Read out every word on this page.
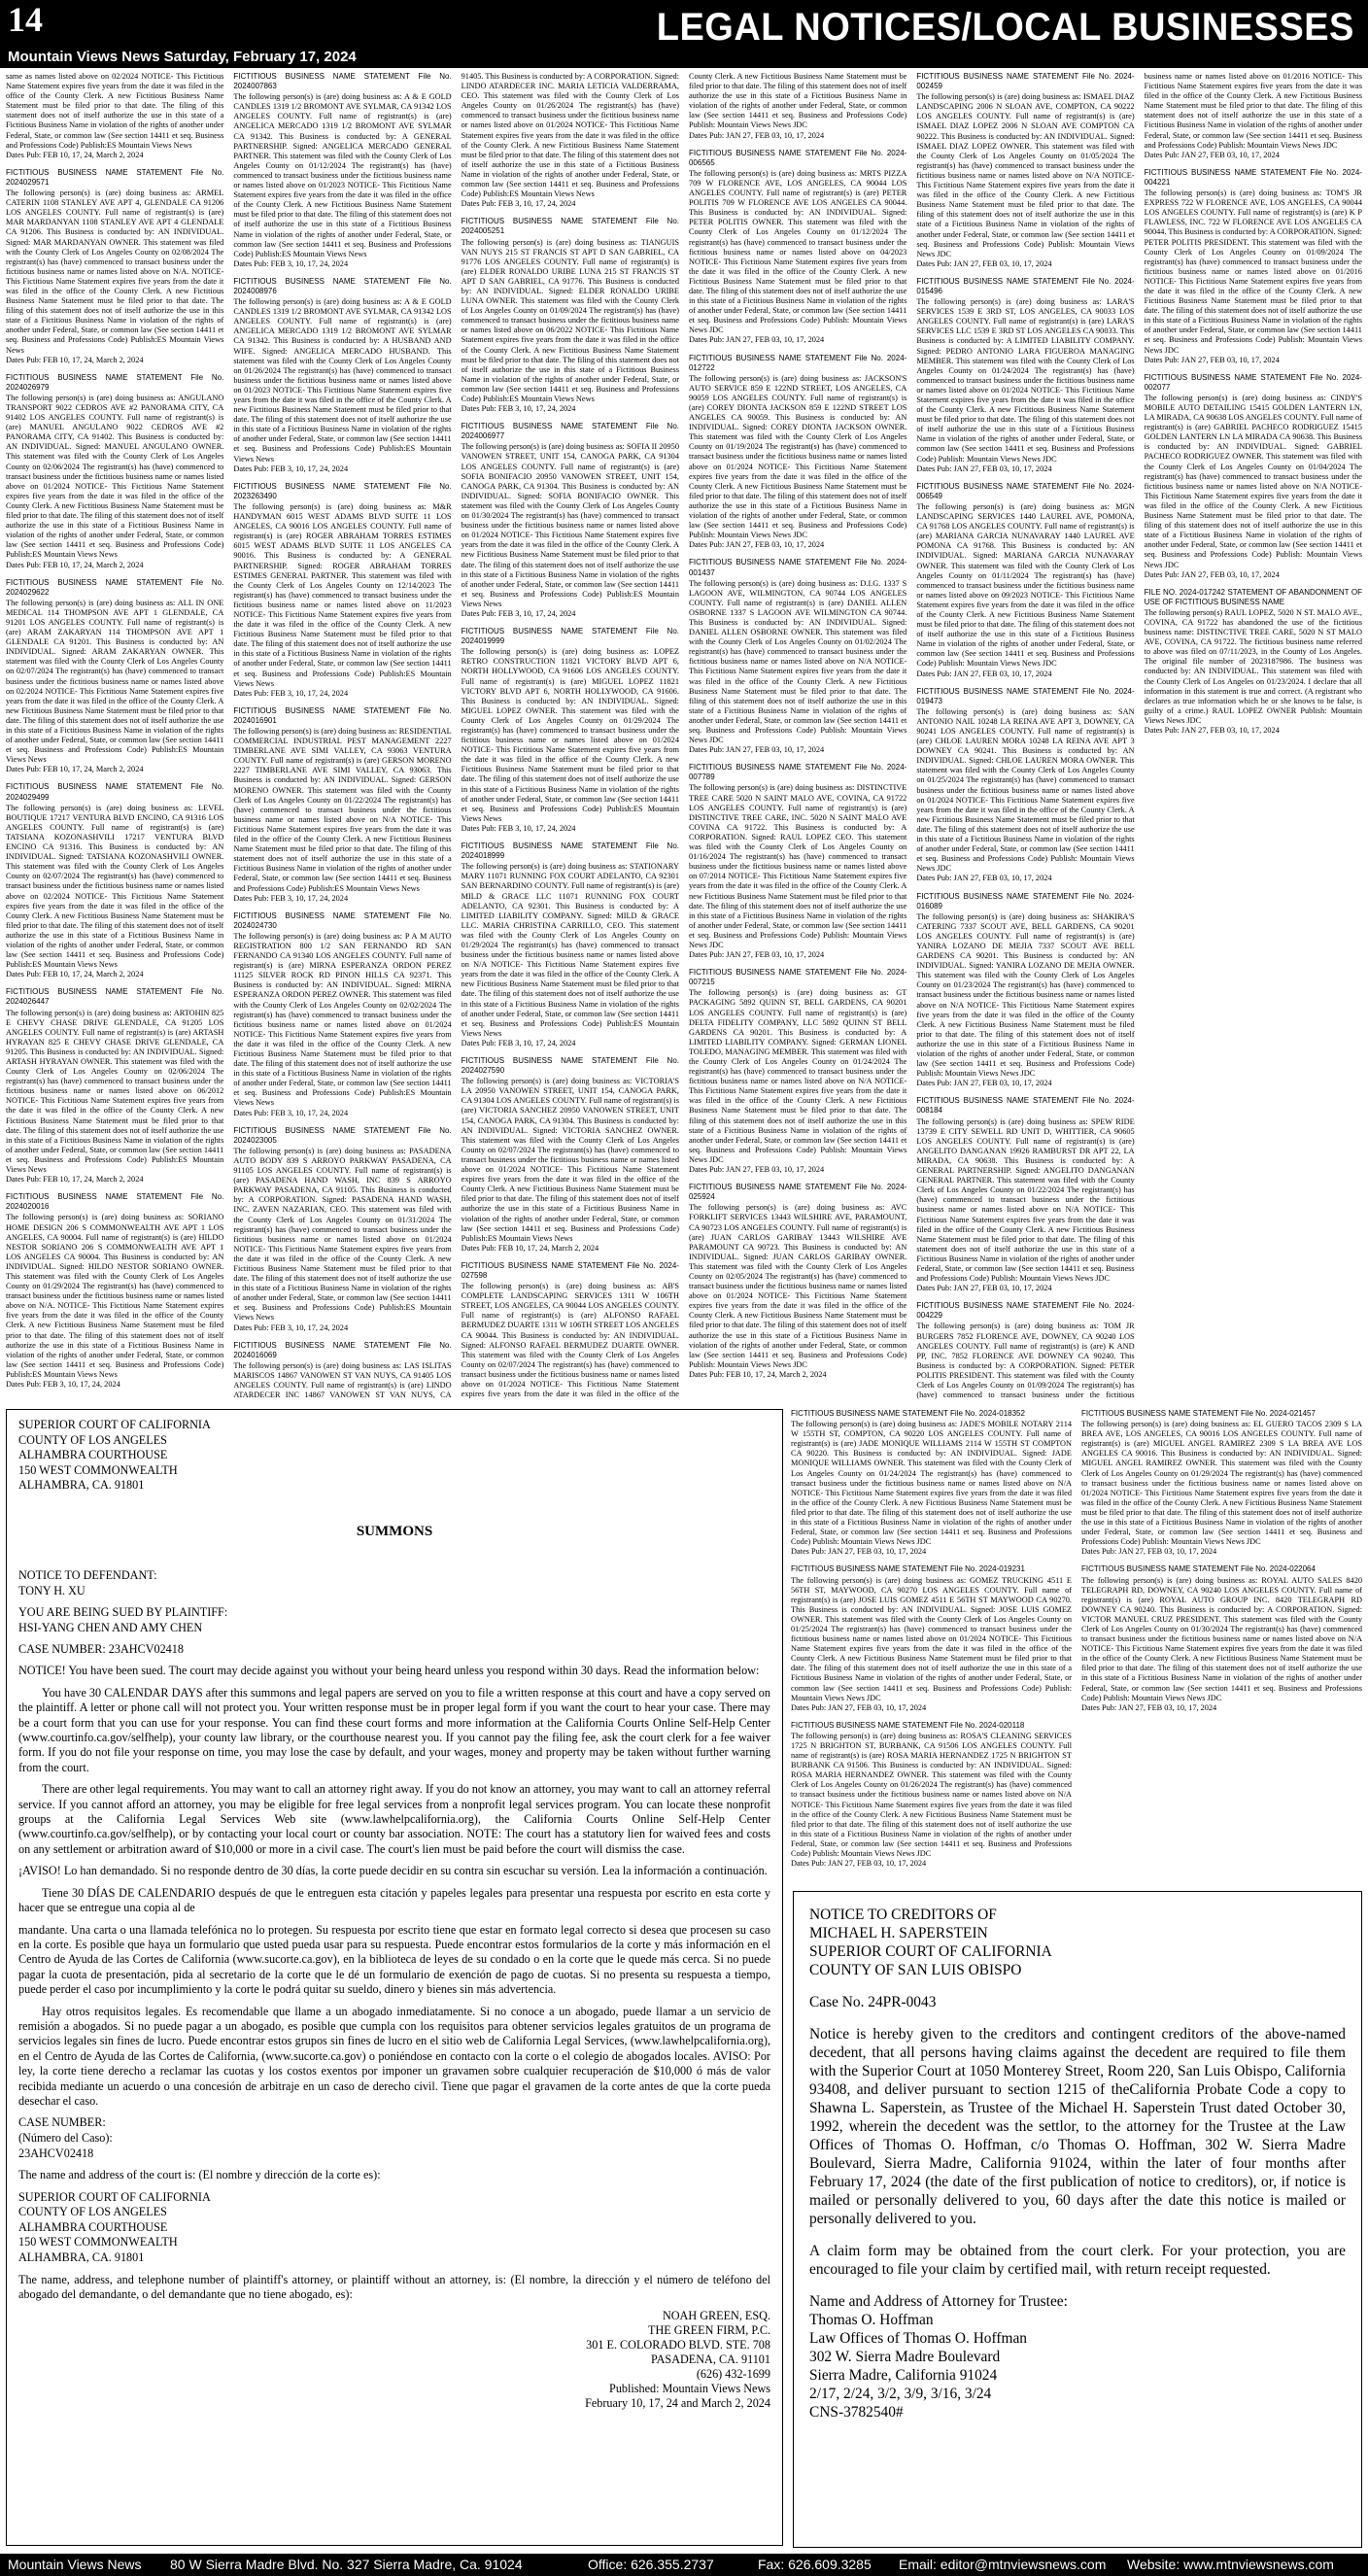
14	LEGAL NOTICES/LOCAL BUSINESSES
Mountain Views News Saturday, February 17, 2024
same as names listed above on 02/2024 NOTICE- This Fictitious Name Statement expires five years from the date it was filed in the office of the County Clerk. A new Fictitious Business Name Statement must be filed prior to that date. The filing of this statement does not of itself authorize the use in this state of a Fictitious Business Name in violation of the rights of another under Federal, State, or common law (See section 14411 et seq. Business and Professions Code) Publish:ES Mountain Views News
Dates Pub: FEB 10, 17, 24, March 2, 2024
FICTITIOUS BUSINESS NAME STATEMENT File No. 2024029571
The following person(s) is (are) doing business as: ARMEL CATERIN 1108 STANLEY AVE APT 4, GLENDALE CA 91206 LOS ANGELES COUNTY. Full name of registrant(s) is (are) MAR MARDANYAN 1108 STANLEY AVE APT 4 GLENDALE CA 91206. This Business is conducted by: AN INDIVIDUAL. Signed: MAR MARDANYAN OWNER. This statement was filed with the County Clerk of Los Angeles County on 02/08/2024 The registrant(s) has (have) commenced to transact business under the fictitious business name or names listed above on N/A. NOTICE- This Fictitious Name Statement expires five years from the date it was filed in the office of the County Clerk. A new Fictitious Business Name Statement must be filed prior to that date. The filing of this statement does not of itself authorize the use in this state of a Fictitious Business Name in violation of the rights of another under Federal, State, or common law (See section 14411 et seq. Business and Professions Code) Publish:ES Mountain Views News
Dates Pub: FEB 10, 17, 24, March 2, 2024
FICTITIOUS BUSINESS NAME STATEMENT File No. 2024026979
The following person(s) is (are) doing business as: ANGULANO TRANSPORT 9022 CEDROS AVE #2 PANORAMA CITY, CA 91402 LOS ANGELES COUNTY. Full name of registrant(s) is (are) MANUEL ANGULANO 9022 CEDROS AVE #2 PANORAMA CITY, CA 91402. This Business is conducted by: AN INDIVIDUAL. Signed: MANUEL ANGULANO OWNER. This statement was filed with the County Clerk of Los Angeles County on 02/06/2024 The registrant(s) has (have) commenced to transact business under the fictitious business name or names listed above on 01/2024 NOTICE- This Fictitious Name Statement expires five years from the date it was filed in the office of the County Clerk. A new Fictitious Business Name Statement must be filed prior to that date. The filing of this statement does not of itself authorize the use in this state of a Fictitious Business Name in violation of the rights of another under Federal, State, or common law (See section 14411 et seq. Business and Professions Code) Publish:ES Mountain Views News
Dates Pub: FEB 10, 17, 24, March 2, 2024
FICTITIOUS BUSINESS NAME STATEMENT File No. 2024029622
The following person(s) is (are) doing business as: ALL IN ONE MEDICAL 114 THOMPSON AVE APT 1 GLENDALE, CA 91201 LOS ANGELES COUNTY. Full name of registrant(s) is (are) ARAM ZAKARYAN 114 THOMPSON AVE APT 1 GLENDALE CA 91201. This Business is conducted by: AN INDIVIDUAL. Signed: ARAM ZAKARYAN OWNER. This statement was filed with the County Clerk of Los Angeles County on 02/07/2024 The registrant(s) has (have) commenced to transact business under the fictitious business name or names listed above on 02/2024 NOTICE- This Fictitious Name Statement expires five years from the date it was filed in the office of the County Clerk. A new Fictitious Business Name Statement must be filed prior to that date. The filing of this statement does not of itself authorize the use in this state of a Fictitious Business Name in violation of the rights of another under Federal, State, or common law (See section 14411 et seq. Business and Professions Code) Publish:ES Mountain Views News
Dates Pub: FEB 10, 17, 24, March 2, 2024
FICTITIOUS BUSINESS NAME STATEMENT File No. 2024029499
The following person(s) is (are) doing business as: LEVEL BOUTIQUE 17217 VENTURA BLVD ENCINO, CA 91316 LOS ANGELES COUNTY. Full name of registrant(s) is (are) TATSIANA KOZONASHVILI 17217 VENTURA BLVD ENCINO CA 91316. This Business is conducted by: AN INDIVIDUAL. Signed: TATSIANA KOZONASHVILI OWNER. This statement was filed with the County Clerk of Los Angeles County on 02/07/2024 The registrant(s) has (have) commenced to transact business under the fictitious business name or names listed above on 02/2024 NOTICE- This Fictitious Name Statement expires five years from the date it was filed in the office of the County Clerk. A new Fictitious Business Name Statement must be filed prior to that date. The filing of this statement does not of itself authorize the use in this state of a Fictitious Business Name in violation of the rights of another under Federal, State, or common law (See section 14411 et seq. Business and Professions Code) Publish:ES Mountain Views News
Dates Pub: FEB 10, 17, 24, March 2, 2024
FICTITIOUS BUSINESS NAME STATEMENT File No. 2024026447
The following person(s) is (are) doing business as: ARTOHIN 825 E CHEVY CHASE DRIVE GLENDALE, CA 91205 LOS ANGELES COUNTY. Full name of registrant(s) is (are) ARTASH HYRAYAN 825 E CHEVY CHASE DRIVE GLENDALE, CA 91205. This Business is conducted by: AN INDIVIDUAL. Signed: ARTASH HYRAYAN OWNER. This statement was filed with the County Clerk of Los Angeles County on 02/06/2024 The registrant(s) has (have) commenced to transact business under the fictitious business name or names listed above on 06/2012 NOTICE- This Fictitious Name Statement expires five years from the date it was filed in the office of the County Clerk. A new Fictitious Business Name Statement must be filed prior to that date. The filing of this statement does not of itself authorize the use in this state of a Fictitious Business Name in violation of the rights of another under Federal, State, or common law (See section 14411 et seq. Business and Professions Code) Publish:ES Mountain Views News
Dates Pub: FEB 10, 17, 24, March 2, 2024
FICTITIOUS BUSINESS NAME STATEMENT File No. 2024020016
The following person(s) is (are) doing business as: SORIANO HOME DESIGN 206 S COMMONWEALTH AVE APT 1 LOS ANGELES, CA 90004. Full name of registrant(s) is (are) HILDO NESTOR SORIANO 206 S COMMONWEALTH AVE APT 1 LOS ANGELES CA 90004. This Business is conducted by: AN INDIVIDUAL. Signed: HILDO NESTOR SORIANO OWNER. This statement was filed with the County Clerk of Los Angeles County on 01/29/2024 The registrant(s) has (have) commenced to transact business under the fictitious business name or names listed above on N/A. NOTICE- This Fictitious Name Statement expires five years from the date it was filed in the office of the County Clerk. A new Fictitious Business Name Statement must be filed prior to that date. The filing of this statement does not of itself authorize the use in this state of a Fictitious Business Name in violation of the rights of another under Federal, State, or common law (See section 14411 et seq. Business and Professions Code) Publish:ES Mountain Views News
Dates Pub: FEB 3, 10, 17, 24, 2024
FICTITIOUS BUSINESS NAME STATEMENT File No. 2024007863
The following person(s) is (are) doing business as: A & E GOLD CANDLES 1319 1/2 BROMONT AVE SYLMAR, CA 91342 LOS ANGELES COUNTY. Full name of registrant(s) is (are) ANGELICA MERCADO 1319 1/2 BROMONT AVE SYLMAR CA 91342. This Business is conducted by: A GENERAL PARTNERSHIP. Signed: ANGELICA MERCADO GENERAL PARTNER. This statement was filed with the County Clerk of Los Angeles County on 01/12/2024 The registrant(s) has (have) commenced to transact business under the fictitious business name or names listed above on 01/2023 NOTICE- This Fictitious Name Statement expires five years from the date it was filed in the office of the County Clerk. A new Fictitious Business Name Statement must be filed prior to that date. The filing of this statement does not of itself authorize the use in this state of a Fictitious Business Name in violation of the rights of another under Federal, State, or common law (See section 14411 et seq. Business and Professions Code) Publish:ES Mountain Views News
Dates Pub: FEB 3, 10, 17, 24, 2024
FICTITIOUS BUSINESS NAME STATEMENT File No. 2024008976
The following person(s) is (are) doing business as: A & E GOLD CANDLES 1319 1/2 BROMONT AVE SYLMAR, CA 91342 LOS ANGELES COUNTY. Full name of registrant(s) is (are) ANGELICA MERCADO 1319 1/2 BROMONT AVE SYLMAR CA 91342. This Business is conducted by: A HUSBAND AND WIFE. Signed: ANGELICA MERCADO HUSBAND. This statement was filed with the County Clerk of Los Angeles County on 01/26/2024 The registrant(s) has (have) commenced to transact business under the fictitious business name or names listed above on 01/2023 NOTICE- This Fictitious Name Statement expires five years from the date it was filed in the office of the County Clerk. A new Fictitious Business Name Statement must be filed prior to that date. The filing of this statement does not of itself authorize the use in this state of a Fictitious Business Name in violation of the rights of another under Federal, State, or common law (See section 14411 et seq. Business and Professions Code) Publish:ES Mountain Views News
Dates Pub: FEB 3, 10, 17, 24, 2024
FICTITIOUS BUSINESS NAME STATEMENT File No. 2023263490
The following person(s) is (are) doing business as: M&R HANDYMAN 6015 WEST ADAMS BLVD SUITE 11 LOS ANGELES, CA 90016 LOS ANGELES COUNTY. Full name of registrant(s) is (are) ROGER ABRAHAM TORRES ESTIMES 6015 WEST ADAMS BLVD SUITE 11 LOS ANGELES CA 90016. This Business is conducted by: A GENERAL PARTNERSHIP. Signed: ROGER ABRAHAM TORRES ESTIMES GENERAL PARTNER. This statement was filed with the County Clerk of Los Angeles County on 12/14/2023 The registrant(s) has (have) commenced to transact business under the fictitious business name or names listed above on 11/2023 NOTICE- This Fictitious Name Statement expires five years from the date it was filed in the office of the County Clerk. A new Fictitious Business Name Statement must be filed prior to that date. The filing of this statement does not of itself authorize the use in this state of a Fictitious Business Name in violation of the rights of another under Federal, State, or common law (See section 14411 et seq. Business and Professions Code) Publish:ES Mountain Views News
Dates Pub: FEB 3, 10, 17, 24, 2024
FICTITIOUS BUSINESS NAME STATEMENT File No. 2024016901
The following person(s) is (are) doing business as: RESIDENTIAL COMMERCIAL INDUSTRIAL PEST MANAGEMENT 2227 TIMBERLANE AVE SIMI VALLEY, CA 93063 VENTURA COUNTY. Full name of registrant(s) is (are) GERSON MORENO 2227 TIMBERLANE AVE SIMI VALLEY, CA 93063. This Business is conducted by: AN INDIVIDUAL. Signed: GERSON MORENO OWNER. This statement was filed with the County Clerk of Los Angeles County on 01/22/2024 The registrant(s) has (have) commenced to transact business under the fictitious business name or names listed above on N/A NOTICE- This Fictitious Name Statement expires five years from the date it was filed in the office of the County Clerk. A new Fictitious Business Name Statement must be filed prior to that date. The filing of this statement does not of itself authorize the use in this state of a Fictitious Business Name in violation of the rights of another under Federal, State, or common law (See section 14411 et seq. Business and Professions Code) Publish:ES Mountain Views News
Dates Pub: FEB 3, 10, 17, 24, 2024
FICTITIOUS BUSINESS NAME STATEMENT File No. 2024024730
The following person(s) is (are) doing business as: P A M AUTO REGISTRATION 800 1/2 SAN FERNANDO RD SAN FERNANDO CA 91340 LOS ANGELES COUNTY. Full name of registrant(s) is (are) MIRNA ESPERANZA ORDON PEREZ 11125 SILVER ROCK RD PINON HILLS CA 92371. This Business is conducted by: AN INDIVIDUAL. Signed: MIRNA ESPERANZA ORDON PEREZ OWNER. This statement was filed with the County Clerk of Los Angeles County on 02/02/2024 The registrant(s) has (have) commenced to transact business under the fictitious business name or names listed above on 01/2024 NOTICE- This Fictitious Name Statement expires five years from the date it was filed in the office of the County Clerk. A new Fictitious Business Name Statement must be filed prior to that date. The filing of this statement does not of itself authorize the use in this state of a Fictitious Business Name in violation of the rights of another under Federal, State, or common law (See section 14411 et seq. Business and Professions Code) Publish:ES Mountain Views News
Dates Pub: FEB 3, 10, 17, 24, 2024
FICTITIOUS BUSINESS NAME STATEMENT File No. 2024023005
The following person(s) is (are) doing business as: PASADENA AUTO BODY 839 S ARROYO PARKWAY PASADENA, CA 91105 LOS ANGELES COUNTY. Full name of registrant(s) is (are) PASADENA HAND WASH, INC 839 S ARROYO PARKWAY PASADENA, CA 91105. This Business is conducted by: A CORPORATION. Signed: PASADENA HAND WASH, INC. ZAVEN NAZARIAN, CEO. This statement was filed with the County Clerk of Los Angeles County on 01/31/2024 The registrant(s) has (have) commenced to transact business under the fictitious business name or names listed above on 01/2024 NOTICE- This Fictitious Name Statement expires five years from the date it was filed in the office of the County Clerk. A new Fictitious Business Name Statement must be filed prior to that date. The filing of this statement does not of itself authorize the use in this state of a Fictitious Business Name in violation of the rights of another under Federal, State, or common law (See section 14411 et seq. Business and Professions Code) Publish:ES Mountain Views News
Dates Pub: FEB 3, 10, 17, 24, 2024
FICTITIOUS BUSINESS NAME STATEMENT File No. 2024016069
The following person(s) is (are) doing business as: LAS ISLITAS MARISCOS 14867 VANOWEN ST VAN NUYS, CA 91405 LOS ANGELES COUNTY. Full name of registrant(s) is (are) LINDO ATARDECER INC 14867 VANOWEN ST VAN NUYS, CA 91405. This Business is conducted by: A CORPORATION. Signed: LINDO ATARDECER INC. MARIA LETICIA VALDERRAMA, CEO. This statement was filed with the County Clerk of Los Angeles County on 01/26/2024 The registrant(s) has (have) commenced to transact business under the fictitious business name or names listed above on 01/2024 NOTICE- This Fictitious Name Statement expires five years from the date it was filed in the office of the County Clerk. A new Fictitious Business Name Statement must be filed prior to that date. The filing of this statement does not of itself authorize the use in this state of a Fictitious Business Name in violation of the rights of another under Federal, State, or common law (See section 14411 et seq. Business and Professions Code) Publish:ES Mountain Views News
Dates Pub: FEB 3, 10, 17, 24, 2024
FICTITIOUS BUSINESS NAME STATEMENT File No. 2024005251
The following person(s) is (are) doing business as: TIANGUIS VAN NUYS 215 ST FRANCIS ST APT D SAN GABRIEL, CA 91776 LOS ANGELES COUNTY. Full name of registrant(s) is (are) ELDER RONALDO URIBE LUNA 215 ST FRANCIS ST APT D SAN GABRIEL, CA 91776. This Business is conducted by: AN INDIVIDUAL. Signed: ELDER RONALDO URIBE LUNA OWNER. This statement was filed with the County Clerk of Los Angeles County on 01/09/2024 The registrant(s) has (have) commenced to transact business under the fictitious business name or names listed above on 06/2022 NOTICE- This Fictitious Name Statement expires five years from the date it was filed in the office of the County Clerk. A new Fictitious Business Name Statement must be filed prior to that date. The filing of this statement does not of itself authorize the use in this state of a Fictitious Business Name in violation of the rights of another under Federal, State, or common law (See section 14411 et seq. Business and Professions Code) Publish:ES Mountain Views News
Dates Pub: FEB 3, 10, 17, 24, 2024
FICTITIOUS BUSINESS NAME STATEMENT File No. 2024006977
The following person(s) is (are) doing business as: SOFIA II 20950 VANOWEN STREET, UNIT 154, CANOGA PARK, CA 91304 LOS ANGELES COUNTY. Full name of registrant(s) is (are) SOFIA BONIFACIO 20950 VANOWEN STREET, UNIT 154, CANOGA PARK, CA 91304. This Business is conducted by: AN INDIVIDUAL. Signed: SOFIA BONIFACIO OWNER. This statement was filed with the County Clerk of Los Angeles County on 01/30/2024 The registrant(s) has (have) commenced to transact business under the fictitious business name or names listed above on 01/2024 NOTICE- This Fictitious Name Statement expires five years from the date it was filed in the office of the County Clerk. A new Fictitious Business Name Statement must be filed prior to that date. The filing of this statement does not of itself authorize the use in this state of a Fictitious Business Name in violation of the rights of another under Federal, State, or common law (See section 14411 et seq. Business and Professions Code) Publish:ES Mountain Views News
Dates Pub: FEB 3, 10, 17, 24, 2024
FICTITIOUS BUSINESS NAME STATEMENT File No. 2024019999
The following person(s) is (are) doing business as: LOPEZ RETRO CONSTRUCTION 11821 VICTORY BLVD APT 6, NORTH HOLLYWOOD, CA 91606 LOS ANGELES COUNTY. Full name of registrant(s) is (are) MIGUEL LOPEZ 11821 VICTORY BLVD APT 6, NORTH HOLLYWOOD, CA 91606. This Business is conducted by: AN INDIVIDUAL. Signed: MIGUEL LOPEZ OWNER. This statement was filed with the County Clerk of Los Angeles County on 01/29/2024 The registrant(s) has (have) commenced to transact business under the fictitious business name or names listed above on 01/2024 NOTICE- This Fictitious Name Statement expires five years from the date it was filed in the office of the County Clerk. A new Fictitious Business Name Statement must be filed prior to that date. The filing of this statement does not of itself authorize the use in this state of a Fictitious Business Name in violation of the rights of another under Federal, State, or common law (See section 14411 et seq. Business and Professions Code) Publish:ES Mountain Views News
Dates Pub: FEB 3, 10, 17, 24, 2024
FICTITIOUS BUSINESS NAME STATEMENT File No. 2024018999
The following person(s) is (are) doing business as: STATIONARY MARY 11071 RUNNING FOX COURT ADELANTO, CA 92301 SAN BERNARDINO COUNTY. Full name of registrant(s) is (are) MILD & GRACE LLC 11071 RUNNING FOX COURT ADELANTO, CA 92301. This Business is conducted by: A LIMITED LIABILITY COMPANY. Signed: MILD & GRACE LLC. MARIA CHRISTINA CARRILLO, CEO. This statement was filed with the County Clerk of Los Angeles County on 01/29/2024 The registrant(s) has (have) commenced to transact business under the fictitious business name or names listed above on N/A NOTICE- This Fictitious Name Statement expires five years from the date it was filed in the office of the County Clerk. A new Fictitious Business Name Statement must be filed prior to that date. The filing of this statement does not of itself authorize the use in this state of a Fictitious Business Name in violation of the rights of another under Federal, State, or common law (See section 14411 et seq. Business and Professions Code) Publish:ES Mountain Views News
Dates Pub: FEB 3, 10, 17, 24, 2024
FICTITIOUS BUSINESS NAME STATEMENT File No. 2024027590
The following person(s) is (are) doing business as: VICTORIA'S LA 20950 VANOWEN STREET, UNIT 154, CANOGA PARK, CA 91304 LOS ANGELES COUNTY. Full name of registrant(s) is (are) VICTORIA SANCHEZ 20950 VANOWEN STREET, UNIT 154, CANOGA PARK, CA 91304. This Business is conducted by: AN INDIVIDUAL. Signed: VICTORIA SANCHEZ OWNER. This statement was filed with the County Clerk of Los Angeles County on 02/07/2024 The registrant(s) has (have) commenced to transact business under the fictitious business name or names listed above on 01/2024 NOTICE- This Fictitious Name Statement expires five years from the date it was filed in the office of the County Clerk. A new Fictitious Business Name Statement must be filed prior to that date. The filing of this statement does not of itself authorize the use in this state of a Fictitious Business Name in violation of the rights of another under Federal, State, or common law (See section 14411 et seq. Business and Professions Code) Publish:ES Mountain Views News
Dates Pub: FEB 10, 17, 24, March 2, 2024
FICTITIOUS BUSINESS NAME STATEMENT File No. 2024-027598
The following person(s) is (are) doing business as: AB'S COMPLETE LANDSCAPING SERVICES 1311 W 106TH STREET, LOS ANGELES, CA 90044 LOS ANGELES COUNTY. Full name of registrant(s) is (are) ALFONSO RAFAEL BERMUDEZ DUARTE 1311 W 106TH STREET LOS ANGELES CA 90044. This Business is conducted by: AN INDIVIDUAL. Signed: ALFONSO RAFAEL BERMUDEZ DUARTE OWNER. This statement was filed with the County Clerk of Los Angeles County on 02/07/2024 The registrant(s) has (have) commenced to transact business under the fictitious business name or names listed above on 01/2024 NOTICE- This Fictitious Name Statement expires five years from the date it was filed in the office of the County Clerk. A new Fictitious Business Name Statement must be filed prior to that date. The filing of this statement does not of itself authorize the use in this state of a Fictitious Business Name in violation of the rights of another under Federal, State, or common law (See section 14411 et seq. Business and Professions Code) Publish: Mountain Views News JDC
Dates Pub: JAN 27, FEB 03, 10, 17, 2024
FICTITIOUS BUSINESS NAME STATEMENT File No. 2024-006565
The following person(s) is (are) doing business as: MRTS PIZZA 709 W FLORENCE AVE, LOS ANGELES, CA 90044 LOS ANGELES COUNTY. Full name of registrant(s) is (are) PETER POLITIS 709 W FLORENCE AVE LOS ANGELES CA 90044. This Business is conducted by: AN INDIVIDUAL. Signed: PETER POLITIS OWNER. This statement was filed with the County Clerk of Los Angeles County on 01/12/2024 The registrant(s) has (have) commenced to transact business under the fictitious business name or names listed above on 04/2023 NOTICE- This Fictitious Name Statement expires five years from the date it was filed in the office of the County Clerk. A new Fictitious Business Name Statement must be filed prior to that date. The filing of this statement does not of itself authorize the use in this state of a Fictitious Business Name in violation of the rights of another under Federal, State, or common law (See section 14411 et seq. Business and Professions Code) Publish: Mountain Views News JDC
Dates Pub: JAN 27, FEB 03, 10, 17, 2024
FICTITIOUS BUSINESS NAME STATEMENT File No. 2024-012722
The following person(s) is (are) doing business as: JACKSON'S AUTO SERVICE 859 E 122ND STREET, LOS ANGELES, CA 90059 LOS ANGELES COUNTY. Full name of registrant(s) is (are) COREY DIONTA JACKSON 859 E 122ND STREET LOS ANGELES CA 90059. This Business is conducted by: AN INDIVIDUAL. Signed: COREY DIONTA JACKSON OWNER. This statement was filed with the County Clerk of Los Angeles County on 01/19/2024 The registrant(s) has (have) commenced to transact business under the fictitious business name or names listed above on 01/2024 NOTICE- This Fictitious Name Statement expires five years from the date it was filed in the office of the County Clerk. A new Fictitious Business Name Statement must be filed prior to that date. The filing of this statement does not of itself authorize the use in this state of a Fictitious Business Name in violation of the rights of another under Federal, State, or common law (See section 14411 et seq. Business and Professions Code) Publish: Mountain Views News JDC
Dates Pub: JAN 27, FEB 03, 10, 17, 2024
FICTITIOUS BUSINESS NAME STATEMENT File No. 2024-001437
The following person(s) is (are) doing business as: D.I.G. 1337 S LAGOON AVE, WILMINGTON, CA 90744 LOS ANGELES COUNTY. Full name of registrant(s) is (are) DANIEL ALLEN OSBORNE 1337 S LAGOON AVE WILMINGTON CA 90744. This Business is conducted by: AN INDIVIDUAL. Signed: DANIEL ALLEN OSBORNE OWNER. This statement was filed with the County Clerk of Los Angeles County on 01/02/2024 The registrant(s) has (have) commenced to transact business under the fictitious business name or names listed above on N/A NOTICE- This Fictitious Name Statement expires five years from the date it was filed in the office of the County Clerk. A new Fictitious Business Name Statement must be filed prior to that date. The filing of this statement does not of itself authorize the use in this state of a Fictitious Business Name in violation of the rights of another under Federal, State, or common law (See section 14411 et seq. Business and Professions Code) Publish: Mountain Views News JDC
Dates Pub: JAN 27, FEB 03, 10, 17, 2024
FICTITIOUS BUSINESS NAME STATEMENT File No. 2024-007789
The following person(s) is (are) doing business as: DISTINCTIVE TREE CARE 5020 N SAINT MALO AVE, COVINA, CA 91722 LOS ANGELES COUNTY. Full name of registrant(s) is (are) DISTINCTIVE TREE CARE, INC. 5020 N SAINT MALO AVE COVINA CA 91722. This Business is conducted by: A CORPORATION. Signed: RAUL LOPEZ CEO. This statement was filed with the County Clerk of Los Angeles County on 01/16/2024 The registrant(s) has (have) commenced to transact business under the fictitious business name or names listed above on 07/2014 NOTICE- This Fictitious Name Statement expires five years from the date it was filed in the office of the County Clerk. A new Fictitious Business Name Statement must be filed prior to that date. The filing of this statement does not of itself authorize the use in this state of a Fictitious Business Name in violation of the rights of another under Federal, State, or common law (See section 14411 et seq. Business and Professions Code) Publish: Mountain Views News JDC
Dates Pub: JAN 27, FEB 03, 10, 17, 2024
FICTITIOUS BUSINESS NAME STATEMENT File No. 2024-007215
The following person(s) is (are) doing business as: GT PACKAGING 5892 QUINN ST, BELL GARDENS, CA 90201 LOS ANGELES COUNTY. Full name of registrant(s) is (are) DELTA FIDELITY COMPANY, LLC 5892 QUINN ST BELL GARDENS CA 90201. This Business is conducted by: A LIMITED LIABILITY COMPANY. Signed: GERMAN LIONEL TOLEDO, MANAGING MEMBER. This statement was filed with the County Clerk of Los Angeles County on 01/24/2024 The registrant(s) has (have) commenced to transact business under the fictitious business name or names listed above on N/A NOTICE- This Fictitious Name Statement expires five years from the date it was filed in the office of the County Clerk. A new Fictitious Business Name Statement must be filed prior to that date. The filing of this statement does not of itself authorize the use in this state of a Fictitious Business Name in violation of the rights of another under Federal, State, or common law (See section 14411 et seq. Business and Professions Code) Publish: Mountain Views News JDC
Dates Pub: JAN 27, FEB 03, 10, 17, 2024
FICTITIOUS BUSINESS NAME STATEMENT File No. 2024-025924
The following person(s) is (are) doing business as: AVC FORKLIFT SERVICES 13443 WILSHIRE AVE, PARAMOUNT, CA 90723 LOS ANGELES COUNTY. Full name of registrant(s) is (are) JUAN CARLOS GARIBAY 13443 WILSHIRE AVE PARAMOUNT CA 90723. This Business is conducted by: AN INDIVIDUAL. Signed: JUAN CARLOS GARIBAY OWNER. This statement was filed with the County Clerk of Los Angeles County on 02/05/2024 The registrant(s) has (have) commenced to transact business under the fictitious business name or names listed above on 01/2024 NOTICE- This Fictitious Name Statement expires five years from the date it was filed in the office of the County Clerk. A new Fictitious Business Name Statement must be filed prior to that date. The filing of this statement does not of itself authorize the use in this state of a Fictitious Business Name in violation of the rights of another under Federal, State, or common law (See section 14411 et seq. Business and Professions Code) Publish: Mountain Views News JDC
Dates Pub: FEB 10, 17, 24, March 2, 2024
FICTITIOUS BUSINESS NAME STATEMENT File No. 2024-002459
The following person(s) is (are) doing business as: ISMAEL DIAZ LANDSCAPING 2006 N SLOAN AVE, COMPTON, CA 90222 LOS ANGELES COUNTY. Full name of registrant(s) is (are) ISMAEL DIAZ LOPEZ 2006 N SLOAN AVE COMPTON CA 90222. This Business is conducted by: AN INDIVIDUAL. Signed: ISMAEL DIAZ LOPEZ OWNER. This statement was filed with the County Clerk of Los Angeles County on 01/05/2024 The registrant(s) has (have) commenced to transact business under the fictitious business name or names listed above on N/A NOTICE- This Fictitious Name Statement expires five years from the date it was filed in the office of the County Clerk. A new Fictitious Business Name Statement must be filed prior to that date. The filing of this statement does not of itself authorize the use in this state of a Fictitious Business Name in violation of the rights of another under Federal, State, or common law (See section 14411 et seq. Business and Professions Code) Publish: Mountain Views News JDC
Dates Pub: JAN 27, FEB 03, 10, 17, 2024
FICTITIOUS BUSINESS NAME STATEMENT File No. 2024-015496
The following person(s) is (are) doing business as: LARA'S SERVICES 1539 E 3RD ST, LOS ANGELES, CA 90033 LOS ANGELES COUNTY. Full name of registrant(s) is (are) LARA'S SERVICES LLC 1539 E 3RD ST LOS ANGELES CA 90033. This Business is conducted by: A LIMITED LIABILITY COMPANY. Signed: PEDRO ANTONIO LARA FIGUEROA MANAGING MEMBER. This statement was filed with the County Clerk of Los Angeles County on 01/24/2024 The registrant(s) has (have) commenced to transact business under the fictitious business name or names listed above on 01/2024 NOTICE- This Fictitious Name Statement expires five years from the date it was filed in the office of the County Clerk. A new Fictitious Business Name Statement must be filed prior to that date. The filing of this statement does not of itself authorize the use in this state of a Fictitious Business Name in violation of the rights of another under Federal, State, or common law (See section 14411 et seq. Business and Professions Code) Publish: Mountain Views News JDC
Dates Pub: JAN 27, FEB 03, 10, 17, 2024
FICTITIOUS BUSINESS NAME STATEMENT File No. 2024-006549
The following person(s) is (are) doing business as: MGN LANDSCAPING SERVICES 1440 LAUREL AVE, POMONA, CA 91768 LOS ANGELES COUNTY. Full name of registrant(s) is (are) MARIANA GARCIA NUNAVARAY 1440 LAUREL AVE POMONA CA 91768. This Business is conducted by: AN INDIVIDUAL. Signed: MARIANA GARCIA NUNAVARAY OWNER. This statement was filed with the County Clerk of Los Angeles County on 01/11/2024 The registrant(s) has (have) commenced to transact business under the fictitious business name or names listed above on 09/2023 NOTICE- This Fictitious Name Statement expires five years from the date it was filed in the office of the County Clerk. A new Fictitious Business Name Statement must be filed prior to that date. The filing of this statement does not of itself authorize the use in this state of a Fictitious Business Name in violation of the rights of another under Federal, State, or common law (See section 14411 et seq. Business and Professions Code) Publish: Mountain Views News JDC
Dates Pub: JAN 27, FEB 03, 10, 17, 2024
FICTITIOUS BUSINESS NAME STATEMENT File No. 2024-019473
The following person(s) is (are) doing business as: SAN ANTONIO NAIL 10248 LA REINA AVE APT 3, DOWNEY, CA 90241 LOS ANGELES COUNTY. Full name of registrant(s) is (are) CHLOE LAUREN MORA 10248 LA REINA AVE APT 3 DOWNEY CA 90241. This Business is conducted by: AN INDIVIDUAL. Signed: CHLOE LAUREN MORA OWNER. This statement was filed with the County Clerk of Los Angeles County on 01/25/2024 The registrant(s) has (have) commenced to transact business under the fictitious business name or names listed above on 01/2024 NOTICE- This Fictitious Name Statement expires five years from the date it was filed in the office of the County Clerk. A new Fictitious Business Name Statement must be filed prior to that date. The filing of this statement does not of itself authorize the use in this state of a Fictitious Business Name in violation of the rights of another under Federal, State, or common law (See section 14411 et seq. Business and Professions Code) Publish: Mountain Views News JDC
Dates Pub: JAN 27, FEB 03, 10, 17, 2024
FICTITIOUS BUSINESS NAME STATEMENT File No. 2024-016089
The following person(s) is (are) doing business as: SHAKIRA'S CATERING 7337 SCOUT AVE, BELL GARDENS, CA 90201 LOS ANGELES COUNTY. Full name of registrant(s) is (are) YANIRA LOZANO DE MEJIA 7337 SCOUT AVE BELL GARDENS CA 90201. This Business is conducted by: AN INDIVIDUAL. Signed: YANIRA LOZANO DE MEJIA OWNER. This statement was filed with the County Clerk of Los Angeles County on 01/23/2024 The registrant(s) has (have) commenced to transact business under the fictitious business name or names listed above on N/A NOTICE- This Fictitious Name Statement expires five years from the date it was filed in the office of the County Clerk. A new Fictitious Business Name Statement must be filed prior to that date. The filing of this statement does not of itself authorize the use in this state of a Fictitious Business Name in violation of the rights of another under Federal, State, or common law (See section 14411 et seq. Business and Professions Code) Publish: Mountain Views News JDC
Dates Pub: JAN 27, FEB 03, 10, 17, 2024
FICTITIOUS BUSINESS NAME STATEMENT File No. 2024-008184
The following person(s) is (are) doing business as: SPEW RIDE 13739 E CITY SEWELL RD UNIT D, WHITTIER, CA 90605 LOS ANGELES COUNTY. Full name of registrant(s) is (are) ANGELITO DANGANAN 19926 RAMBURST DR APT 22, LA MIRADA, CA 90638. This Business is conducted by: A GENERAL PARTNERSHIP. Signed: ANGELITO DANGANAN GENERAL PARTNER. This statement was filed with the County Clerk of Los Angeles County on 01/22/2024 The registrant(s) has (have) commenced to transact business under the fictitious business name or names listed above on N/A NOTICE- This Fictitious Name Statement expires five years from the date it was filed in the office of the County Clerk. A new Fictitious Business Name Statement must be filed prior to that date. The filing of this statement does not of itself authorize the use in this state of a Fictitious Business Name in violation of the rights of another under Federal, State, or common law (See section 14411 et seq. Business and Professions Code) Publish: Mountain Views News JDC
Dates Pub: JAN 27, FEB 03, 10, 17, 2024
FICTITIOUS BUSINESS NAME STATEMENT File No. 2024-004229
The following person(s) is (are) doing business as: TOM JR BURGERS 7852 FLORENCE AVE, DOWNEY, CA 90240 LOS ANGELES COUNTY. Full name of registrant(s) is (are) K AND PP, INC. 7852 FLORENCE AVE DOWNEY CA 90240. This Business is conducted by: A CORPORATION. Signed: PETER POLITIS PRESIDENT. This statement was filed with the County Clerk of Los Angeles County on 01/09/2024 The registrant(s) has (have) commenced to transact business under the fictitious business name or names listed above on 01/2016 NOTICE- This Fictitious Name Statement expires five years from the date it was filed in the office of the County Clerk. A new Fictitious Business Name Statement must be filed prior to that date. The filing of this statement does not of itself authorize the use in this state of a Fictitious Business Name in violation of the rights of another under Federal, State, or common law (See section 14411 et seq. Business and Professions Code) Publish: Mountain Views News JDC
Dates Pub: JAN 27, FEB 03, 10, 17, 2024
FICTITIOUS BUSINESS NAME STATEMENT File No. 2024-004221
The following person(s) is (are) doing business as: TOM'S JR EXPRESS 722 W FLORENCE AVE, LOS ANGELES, CA 90044 LOS ANGELES COUNTY. Full name of registrant(s) is (are) K P FLAWLESS, INC. 722 W FLORENCE AVE LOS ANGELES CA 90044. This Business is conducted by: A CORPORATION. Signed: PETER POLITIS PRESIDENT. This statement was filed with the County Clerk of Los Angeles County on 01/09/2024 The registrant(s) has (have) commenced to transact business under the fictitious business name or names listed above on 01/2016 NOTICE- This Fictitious Name Statement expires five years from the date it was filed in the office of the County Clerk. A new Fictitious Business Name Statement must be filed prior to that date. The filing of this statement does not of itself authorize the use in this state of a Fictitious Business Name in violation of the rights of another under Federal, State, or common law (See section 14411 et seq. Business and Professions Code) Publish: Mountain Views News JDC
Dates Pub: JAN 27, FEB 03, 10, 17, 2024
FICTITIOUS BUSINESS NAME STATEMENT File No. 2024-002077
The following person(s) is (are) doing business as: CINDY'S MOBILE AUTO DETAILING 15415 GOLDEN LANTERN LN, LA MIRADA, CA 90638 LOS ANGELES COUNTY. Full name of registrant(s) is (are) GABRIEL PACHECO RODRIGUEZ 15415 GOLDEN LANTERN LN LA MIRADA CA 90638. This Business is conducted by: AN INDIVIDUAL. Signed: GABRIEL PACHECO RODRIGUEZ OWNER. This statement was filed with the County Clerk of Los Angeles County on 01/04/2024 The registrant(s) has (have) commenced to transact business under the fictitious business name or names listed above on N/A NOTICE- This Fictitious Name Statement expires five years from the date it was filed in the office of the County Clerk. A new Fictitious Business Name Statement must be filed prior to that date. The filing of this statement does not of itself authorize the use in this state of a Fictitious Business Name in violation of the rights of another under Federal, State, or common law (See section 14411 et seq. Business and Professions Code) Publish: Mountain Views News JDC
Dates Pub: JAN 27, FEB 03, 10, 17, 2024
FILE NO. 2024-017242 STATEMENT OF ABANDONMENT OF USE OF FICTITIOUS BUSINESS NAME
The following person(s) RAUL LOPEZ, 5020 N ST. MALO AVE., COVINA, CA 91722 has abandoned the use of the fictitious business name: DISTINCTIVE TREE CARE, 5020 N ST MALO AVE, COVINA, CA 91722. The fictitious business name referred to above was filed on 07/11/2023, in the County of Los Angeles. The original file number of 2023187986. The business was conducted by: AN INDIVIDUAL. This statement was filed with the County Clerk of Los Angeles on 01/23/2024. I declare that all information in this statement is true and correct. (A registrant who declares as true information which he or she knows to be false, is guilty of a crime.) RAUL LOPEZ OWNER Publish: Mountain Views News JDC
Dates Pub: JAN 27, FEB 03, 10, 17, 2024
SUPERIOR COURT OF CALIFORNIA
COUNTY OF LOS ANGELES
ALHAMBRA COURTHOUSE
150 WEST COMMONWEALTH
ALHAMBRA, CA. 91801
SUMMONS
NOTICE TO DEFENDANT:
TONY H. XU
YOU ARE BEING SUED BY PLAINTIFF:
HSI-YANG CHEN AND AMY CHEN
CASE NUMBER: 23AHCV02418
NOTICE! You have been sued. The court may decide against you without your being heard unless you respond within 30 days. Read the information below:
You have 30 CALENDAR DAYS after this summons and legal papers are served on you to file a written response at this court and have a copy served on the plaintiff. A letter or phone call will not protect you. Your written response must be in proper legal form if you want the court to hear your case. There may be a court form that you can use for your response. You can find these court forms and more information at the California Courts Online Self-Help Center (www.courtinfo.ca.gov/selfhelp), your county law library, or the courthouse nearest you. If you cannot pay the filing fee, ask the court clerk for a fee waiver form. If you do not file your response on time, you may lose the case by default, and your wages, money and property may be taken without further warning from the court.
There are other legal requirements. You may want to call an attorney right away. If you do not know an attorney, you may want to call an attorney referral service. If you cannot afford an attorney, you may be eligible for free legal services from a nonprofit legal services program. You can locate these nonprofit groups at the California Legal Services Web site (www.lawhelpcalifornia.org), the California Courts Online Self-Help Center (www.courtinfo.ca.gov/selfhelp), or by contacting your local court or county bar association. NOTE: The court has a statutory lien for waived fees and costs on any settlement or arbitration award of $10,000 or more in a civil case. The court's lien must be paid before the court will dismiss the case.
¡AVISO! Lo han demandado. Si no responde dentro de 30 días, la corte puede decidir en su contra sin escuchar su versión. Lea la información a continuación.
Tiene 30 DÍAS DE CALENDARIO después de que le entreguen esta citación y papeles legales para presentar una respuesta por escrito en esta corte y hacer que se entregue una copia al de
mandante. Una carta o una llamada telefónica no lo protegen. Su respuesta por escrito tiene que estar en formato legal correcto si desea que procesen su caso en la corte. Es posible que haya un formulario que usted pueda usar para su respuesta. Puede encontrar estos formularios de la corte y más información en el Centro de Ayuda de las Cortes de California (www.sucorte.ca.gov), en la biblioteca de leyes de su condado o en la corte que le quede más cerca. Si no puede pagar la cuota de presentación, pida al secretario de la corte que le dé un formulario de exención de pago de cuotas. Si no presenta su respuesta a tiempo, puede perder el caso por incumplimiento y la corte le podrá quitar su sueldo, dinero y bienes sin más advertencia.
Hay otros requisitos legales. Es recomendable que llame a un abogado inmediatamente. Si no conoce a un abogado, puede llamar a un servicio de remisión a abogados. Si no puede pagar a un abogado, es posible que cumpla con los requisitos para obtener servicios legales gratuitos de un programa de servicios legales sin fines de lucro. Puede encontrar estos grupos sin fines de lucro en el sitio web de California Legal Services, (www.lawhelpcalifornia.org), en el Centro de Ayuda de las Cortes de California, (www.sucorte.ca.gov) o poniéndose en contacto con la corte o el colegio de abogados locales. AVISO: Por ley, la corte tiene derecho a reclamar las cuotas y los costos exentos por imponer un gravamen sobre cualquier recuperación de $10,000 ó más de valor recibida mediante un acuerdo o una concesión de arbitraje en un caso de derecho civil. Tiene que pagar el gravamen de la corte antes de que la corte pueda desechar el caso.
CASE NUMBER:
(Número del Caso):
23AHCV02418
The name and address of the court is: (El nombre y dirección de la corte es):
SUPERIOR COURT OF CALIFORNIA
COUNTY OF LOS ANGELES
ALHAMBRA COURTHOUSE
150 WEST COMMONWEALTH
ALHAMBRA, CA. 91801
The name, address, and telephone number of plaintiff's attorney, or plaintiff without an attorney, is: (El nombre, la dirección y el número de teléfono del abogado del demandante, o del demandante que no tiene abogado, es):
NOAH GREEN, ESQ.
THE GREEN FIRM, P.C.
301 E. COLORADO BLVD. STE. 708
PASADENA, CA. 91101
(626) 432-1699
Published: Mountain Views News
February 10, 17, 24 and March 2, 2024
FICTITIOUS BUSINESS NAME STATEMENT File No. 2024-018352
The following person(s) is (are) doing business as: JADE'S MOBILE NOTARY 2114 W 155TH ST, COMPTON, CA 90220 LOS ANGELES COUNTY. Full name of registrant(s) is (are) JADE MONIQUE WILLIAMS 2114 W 155TH ST COMPTON CA 90220. This Business is conducted by: AN INDIVIDUAL. Signed: JADE MONIQUE WILLIAMS OWNER. This statement was filed with the County Clerk of Los Angeles County on 01/24/2024 The registrant(s) has (have) commenced to transact business under the fictitious business name or names listed above on N/A NOTICE- This Fictitious Name Statement expires five years from the date it was filed in the office of the County Clerk. A new Fictitious Business Name Statement must be filed prior to that date. The filing of this statement does not of itself authorize the use in this state of a Fictitious Business Name in violation of the rights of another under Federal, State, or common law (See section 14411 et seq. Business and Professions Code) Publish: Mountain Views News JDC
Dates Pub: JAN 27, FEB 03, 10, 17, 2024
FICTITIOUS BUSINESS NAME STATEMENT File No. 2024-019231
The following person(s) is (are) doing business as: GOMEZ TRUCKING 4511 E 56TH ST, MAYWOOD, CA 90270 LOS ANGELES COUNTY. Full name of registrant(s) is (are) JOSE LUIS GOMEZ 4511 E 56TH ST MAYWOOD CA 90270. This Business is conducted by: AN INDIVIDUAL. Signed: JOSE LUIS GOMEZ OWNER. This statement was filed with the County Clerk of Los Angeles County on 01/25/2024 The registrant(s) has (have) commenced to transact business under the fictitious business name or names listed above on 01/2024 NOTICE- This Fictitious Name Statement expires five years from the date it was filed in the office of the County Clerk. A new Fictitious Business Name Statement must be filed prior to that date. The filing of this statement does not of itself authorize the use in this state of a Fictitious Business Name in violation of the rights of another under Federal, State, or common law (See section 14411 et seq. Business and Professions Code) Publish: Mountain Views News JDC
Dates Pub: JAN 27, FEB 03, 10, 17, 2024
FICTITIOUS BUSINESS NAME STATEMENT File No. 2024-020118
The following person(s) is (are) doing business as: ROSA'S CLEANING SERVICES 1725 N BRIGHTON ST, BURBANK, CA 91506 LOS ANGELES COUNTY. Full name of registrant(s) is (are) ROSA MARIA HERNANDEZ 1725 N BRIGHTON ST BURBANK CA 91506. This Business is conducted by: AN INDIVIDUAL. Signed: ROSA MARIA HERNANDEZ OWNER. This statement was filed with the County Clerk of Los Angeles County on 01/26/2024 The registrant(s) has (have) commenced to transact business under the fictitious business name or names listed above on N/A NOTICE- This Fictitious Name Statement expires five years from the date it was filed in the office of the County Clerk. A new Fictitious Business Name Statement must be filed prior to that date. The filing of this statement does not of itself authorize the use in this state of a Fictitious Business Name in violation of the rights of another under Federal, State, or common law (See section 14411 et seq. Business and Professions Code) Publish: Mountain Views News JDC
Dates Pub: JAN 27, FEB 03, 10, 17, 2024
FICTITIOUS BUSINESS NAME STATEMENT File No. 2024-021457
The following person(s) is (are) doing business as: EL GUERO TACOS 2309 S LA BREA AVE, LOS ANGELES, CA 90016 LOS ANGELES COUNTY. Full name of registrant(s) is (are) MIGUEL ANGEL RAMIREZ 2309 S LA BREA AVE LOS ANGELES CA 90016. This Business is conducted by: AN INDIVIDUAL. Signed: MIGUEL ANGEL RAMIREZ OWNER. This statement was filed with the County Clerk of Los Angeles County on 01/29/2024 The registrant(s) has (have) commenced to transact business under the fictitious business name or names listed above on 01/2024 NOTICE- This Fictitious Name Statement expires five years from the date it was filed in the office of the County Clerk. A new Fictitious Business Name Statement must be filed prior to that date. The filing of this statement does not of itself authorize the use in this state of a Fictitious Business Name in violation of the rights of another under Federal, State, or common law (See section 14411 et seq. Business and Professions Code) Publish: Mountain Views News JDC
Dates Pub: JAN 27, FEB 03, 10, 17, 2024
FICTITIOUS BUSINESS NAME STATEMENT File No. 2024-022064
The following person(s) is (are) doing business as: ROYAL AUTO SALES 8420 TELEGRAPH RD, DOWNEY, CA 90240 LOS ANGELES COUNTY. Full name of registrant(s) is (are) ROYAL AUTO GROUP INC. 8420 TELEGRAPH RD DOWNEY CA 90240. This Business is conducted by: A CORPORATION. Signed: VICTOR MANUEL CRUZ PRESIDENT. This statement was filed with the County Clerk of Los Angeles County on 01/30/2024 The registrant(s) has (have) commenced to transact business under the fictitious business name or names listed above on N/A NOTICE- This Fictitious Name Statement expires five years from the date it was filed in the office of the County Clerk. A new Fictitious Business Name Statement must be filed prior to that date. The filing of this statement does not of itself authorize the use in this state of a Fictitious Business Name in violation of the rights of another under Federal, State, or common law (See section 14411 et seq. Business and Professions Code) Publish: Mountain Views News JDC
Dates Pub: JAN 27, FEB 03, 10, 17, 2024
NOTICE TO CREDITORS OF
MICHAEL H. SAPERSTEIN
SUPERIOR COURT OF CALIFORNIA
COUNTY OF SAN LUIS OBISPO
Case No. 24PR-0043
Notice is hereby given to the creditors and contingent creditors of the above-named decedent, that all persons having claims against the decedent are required to file them with the Superior Court at 1050 Monterey Street, Room 220, San Luis Obispo, California 93408, and deliver pursuant to section 1215 of theCalifornia Probate Code a copy to Shawna L. Saperstein, as Trustee of the Michael H. Saperstein Trust dated October 30, 1992, wherein the decedent was the settlor, to the attorney for the Trustee at the Law Offices of Thomas O. Hoffman, c/o Thomas O. Hoffman, 302 W. Sierra Madre Boulevard, Sierra Madre, California 91024, within the later of four months after February 17, 2024 (the date of the first publication of notice to creditors), or, if notice is mailed or personally delivered to you, 60 days after the date this notice is mailed or personally delivered to you.
A claim form may be obtained from the court clerk. For your protection, you are encouraged to file your claim by certified mail, with return receipt requested.
Name and Address of Attorney for Trustee:
Thomas O. Hoffman
Law Offices of Thomas O. Hoffman
302 W. Sierra Madre Boulevard
Sierra Madre, California 91024
2/17, 2/24, 3/2, 3/9, 3/16, 3/24
CNS-3782540#
Mountain Views News 80 W Sierra Madre Blvd. No. 327 Sierra Madre, Ca. 91024	Office: 626.355.2737	Fax: 626.609.3285 Email: editor@mtnviewsnews.com Website: www.mtnviewsnews.com
